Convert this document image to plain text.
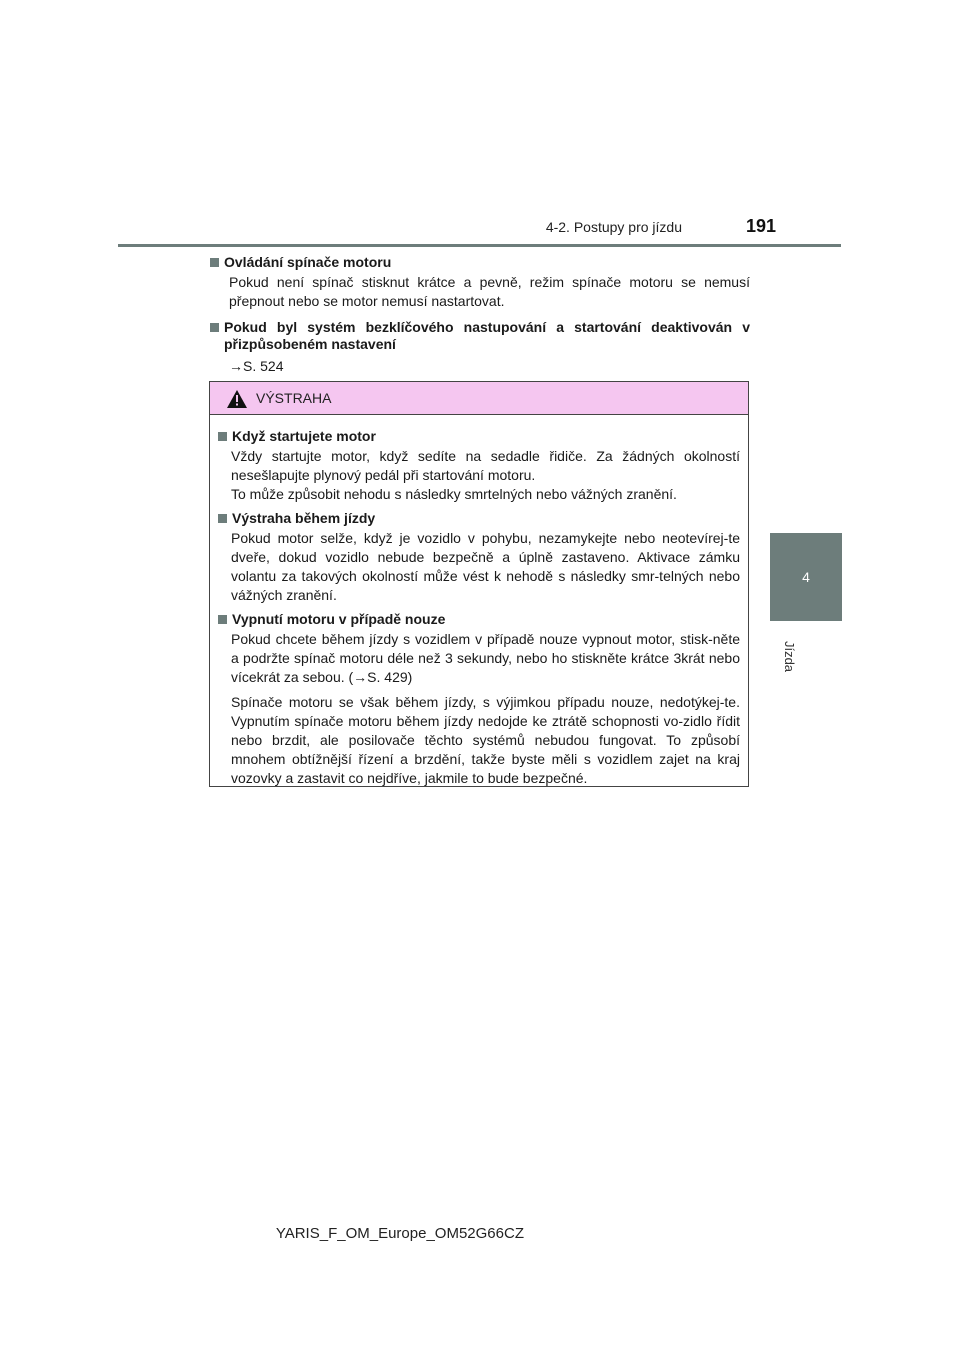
4-2. Postupy pro jízdu	191
4
Jízda
Ovládání spínače motoru
Pokud není spínač stisknut krátce a pevně, režim spínače motoru se nemusí přepnout nebo se motor nemusí nastartovat.
Pokud byl systém bezklíčového nastupování a startování deaktivován v přizpůsobeném nastavení
→S. 524
VÝSTRAHA
Když startujete motor

Vždy startujte motor, když sedíte na sedadle řidiče. Za žádných okolností nesešlapujte plynový pedál při startování motoru.

To může způsobit nehodu s následky smrtelných nebo vážných zranění.

Výstraha během jízdy

Pokud motor selže, když je vozidlo v pohybu, nezamykejte nebo neotevírej-te dveře, dokud vozidlo nebude bezpečně a úplně zastaveno. Aktivace zámku volantu za takových okolností může vést k nehodě s následky smr-telných nebo vážných zranění.

Vypnutí motoru v případě nouze

Pokud chcete během jízdy s vozidlem v případě nouze vypnout motor, stisk-něte a podržte spínač motoru déle než 3 sekundy, nebo ho stiskněte krátce 3krát nebo vícekrát za sebou. (→S. 429)

Spínače motoru se však během jízdy, s výjimkou případu nouze, nedotýkej-te. Vypnutím spínače motoru během jízdy nedojde ke ztrátě schopnosti vo-zidlo řídit nebo brzdit, ale posilovače těchto systémů nebudou fungovat. To způsobí mnohem obtížnější řízení a brzdění, takže byste měli s vozidlem zajet na kraj vozovky a zastavit co nejdříve, jakmile to bude bezpečné.

YARIS_F_OM_Europe_OM52G66CZ
